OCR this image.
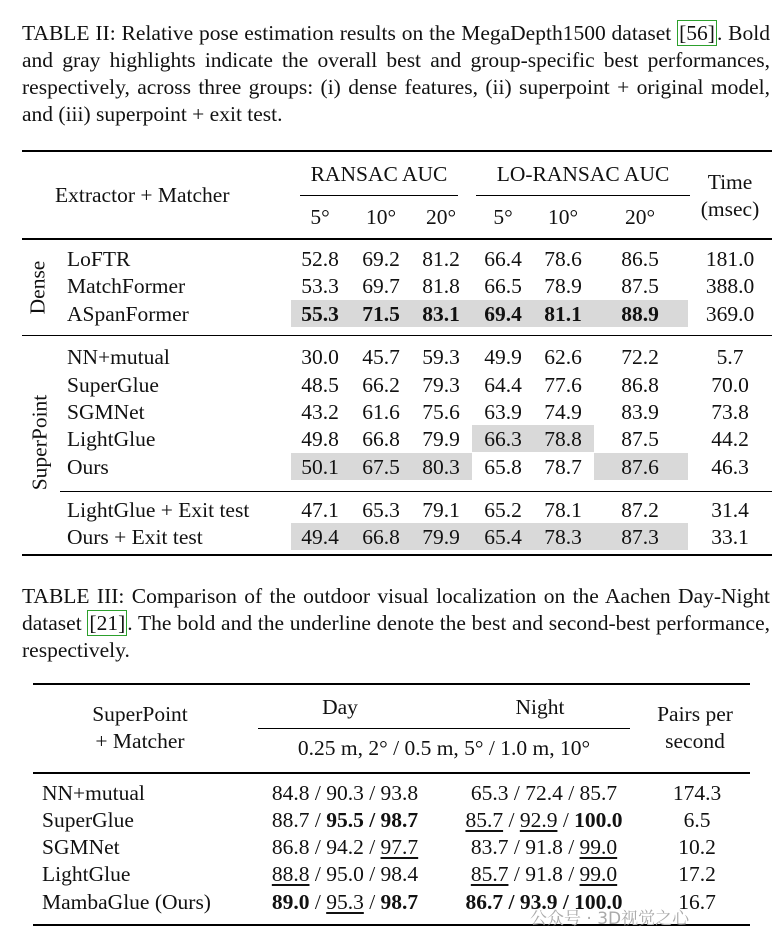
TABLE II: Relative pose estimation results on the MegaDepth1500 dataset [56]. Bold and gray highlights indicate the overall best and group-specific best performances, respectively, across three groups: (i) dense features, (ii) superpoint + original model, and (iii) superpoint + exit test.
Extractor + Matcher
RANSAC AUC	LO-RANSAC AUC	Time
(msec)
5°	10°	20°	5°	10°	20°
LoFTR	52.8	69.2	81.2	66.4	78.6	86.5	181.0
MatchFormer	53.3	69.7	81.8	66.5	78.9	87.5	388.0
ASpanFormer	55.3	71.5	83.1	69.4	81.1	88.9	369.0
NN+mutual	30.0	45.7	59.3	49.9	62.6	72.2	5.7
SuperGlue	48.5	66.2	79.3	64.4	77.6	86.8	70.0
SGMNet	43.2	61.6	75.6	63.9	74.9	83.9	73.8
LightGlue	49.8	66.8	79.9	66.3	78.8	87.5	44.2
Ours	50.1	67.5	80.3	65.8	78.7	87.6	46.3
LightGlue + Exit test	47.1	65.3	79.1	65.2	78.1	87.2	31.4
Ours + Exit test	49.4	66.8	79.9	65.4	78.3	87.3	33.1
Dense
SuperPoint
TABLE III: Comparison of the outdoor visual localization on the Aachen Day-Night dataset [21]. The bold and the underline denote the best and second-best performance, respectively.
SuperPoint
+ Matcher
Day	Night	Pairs per
second
0.25 m, 2° / 0.5 m, 5° / 1.0 m, 10°
NN+mutual	84.8 / 90.3 / 93.8	65.3 / 72.4 / 85.7	174.3
SuperGlue	88.7 / 95.5 / 98.7	85.7 / 92.9 / 100.0	6.5
SGMNet	86.8 / 94.2 / 97.7	83.7 / 91.8 / 99.0	10.2
LightGlue	88.8 / 95.0 / 98.4	85.7 / 91.8 / 99.0	17.2
MambaGlue (Ours)	89.0 / 95.3 / 98.7	86.7 / 93.9 / 100.0	16.7
公众号 · 3D视觉之心
